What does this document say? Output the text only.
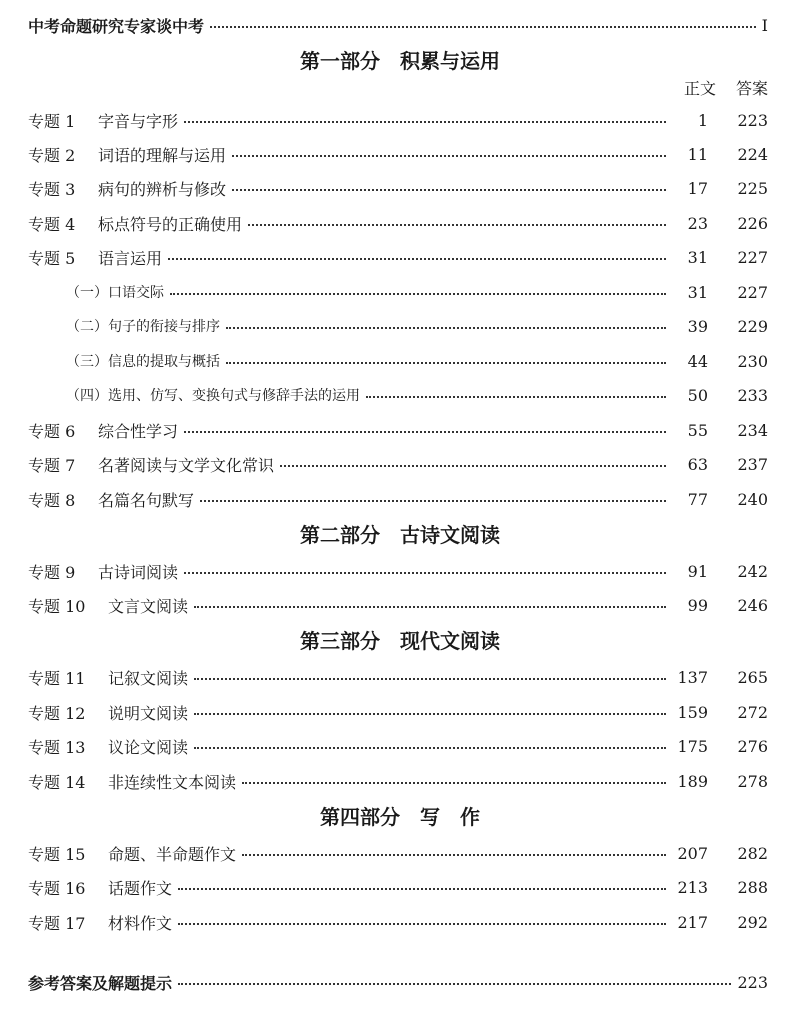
中考命题研究专家谈中考	I
第一部分　积累与运用
正文 答案
专题 1	字音与字形	1	223
专题 2	词语的理解与运用	11	224
专题 3	病句的辨析与修改	17	225
专题 4	标点符号的正确使用	23	226
专题 5	语言运用	31	227
（一）口语交际	31	227
（二）句子的衔接与排序	39	229
（三）信息的提取与概括	44	230
（四）选用、仿写、变换句式与修辞手法的运用	50	233
专题 6	综合性学习	55	234
专题 7	名著阅读与文学文化常识	63	237
专题 8	名篇名句默写	77	240
第二部分　古诗文阅读
专题 9	古诗词阅读	91	242
专题 10	文言文阅读	99	246
第三部分　现代文阅读
专题 11	记叙文阅读	137	265
专题 12	说明文阅读	159	272
专题 13	议论文阅读	175	276
专题 14	非连续性文本阅读	189	278
第四部分　写　作
专题 15	命题、半命题作文	207	282
专题 16	话题作文	213	288
专题 17	材料作文	217	292
参考答案及解题提示	223
